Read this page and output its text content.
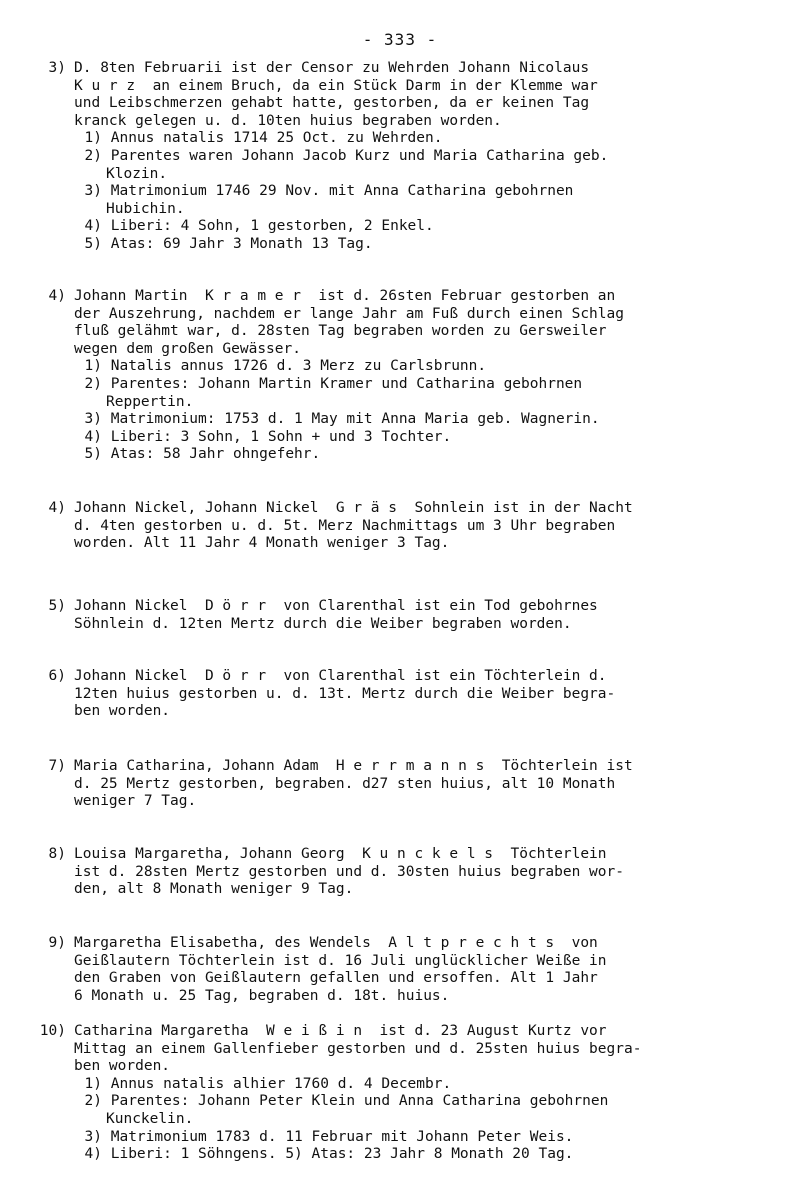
- 333 -
3) D. 8ten Februarii ist der Censor zu Wehrden Johann Nicolaus
K u r z  an einem Bruch, da ein Stück Darm in der Klemme war
und Leibschmerzen gehabt hatte, gestorben, da er keinen Tag
kranck gelegen u. d. 10ten huius begraben worden.
1) Annus natalis 1714 25 Oct. zu Wehrden.
2) Parentes waren Johann Jacob Kurz und Maria Catharina geb.
Klozin.
3) Matrimonium 1746 29 Nov. mit Anna Catharina gebohrnen
Hubichin.
4) Liberi: 4 Sohn, 1 gestorben, 2 Enkel.
5) Atas: 69 Jahr 3 Monath 13 Tag.
4) Johann Martin  K r a m e r  ist d. 26sten Februar gestorben an
der Auszehrung, nachdem er lange Jahr am Fuß durch einen Schlag
fluß gelähmt war, d. 28sten Tag begraben worden zu Gersweiler
wegen dem großen Gewässer.
1) Natalis annus 1726 d. 3 Merz zu Carlsbrunn.
2) Parentes: Johann Martin Kramer und Catharina gebohrnen
Reppertin.
3) Matrimonium: 1753 d. 1 May mit Anna Maria geb. Wagnerin.
4) Liberi: 3 Sohn, 1 Sohn + und 3 Tochter.
5) Atas: 58 Jahr ohngefehr.
4) Johann Nickel, Johann Nickel  G r ä s  Sohnlein ist in der Nacht
d. 4ten gestorben u. d. 5t. Merz Nachmittags um 3 Uhr begraben
worden. Alt 11 Jahr 4 Monath weniger 3 Tag.
5) Johann Nickel  D ö r r  von Clarenthal ist ein Tod gebohrnes
Söhnlein d. 12ten Mertz durch die Weiber begraben worden.
6) Johann Nickel  D ö r r  von Clarenthal ist ein Töchterlein d.
12ten huius gestorben u. d. 13t. Mertz durch die Weiber begra-
ben worden.
7) Maria Catharina, Johann Adam  H e r r m a n n s  Töchterlein ist
d. 25 Mertz gestorben, begraben. d27 sten huius, alt 10 Monath
weniger 7 Tag.
8) Louisa Margaretha, Johann Georg  K u n c k e l s  Töchterlein
ist d. 28sten Mertz gestorben und d. 30sten huius begraben wor-
den, alt 8 Monath weniger 9 Tag.
9) Margaretha Elisabetha, des Wendels  A l t p r e c h t s  von
Geißlautern Töchterlein ist d. 16 Juli unglücklicher Weiße in
den Graben von Geißlautern gefallen und ersoffen. Alt 1 Jahr
6 Monath u. 25 Tag, begraben d. 18t. huius.
10) Catharina Margaretha  W e i ß i n  ist d. 23 August Kurtz vor
Mittag an einem Gallenfieber gestorben und d. 25sten huius begra-
ben worden.
1) Annus natalis alhier 1760 d. 4 Decembr.
2) Parentes: Johann Peter Klein und Anna Catharina gebohrnen
Kunckelin.
3) Matrimonium 1783 d. 11 Februar mit Johann Peter Weis.
4) Liberi: 1 Söhngens. 5) Atas: 23 Jahr 8 Monath 20 Tag.
